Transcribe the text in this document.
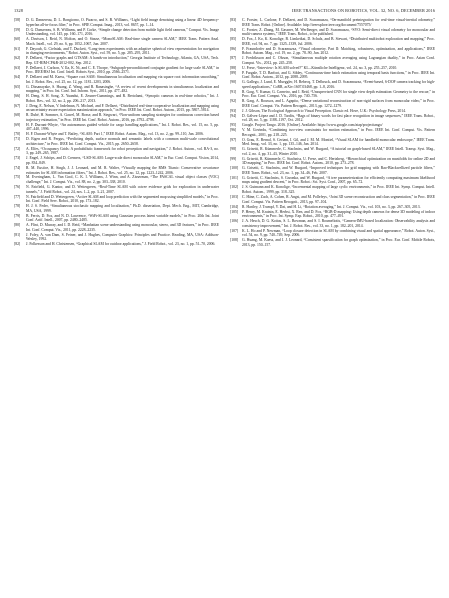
1328	IEEE TRANSACTIONS ON ROBOTICS, VOL. 32, NO. 6, DECEMBER 2016
[58]	D. G. Dansereau, D. L. Bongiorno, O. Pizarro, and S. B. Williams, “Light field image denoising using a linear 4D frequency-hyperfan all-in-focus filter,” in Proc. SPIE Comput. Imag., 2013, vol. 8657, pp. 1–14.
[59]	D. G. Dansereau, S. B. Williams, and P. Corke, “Simple change detection from mobile light field cameras,” Comput. Vis. Image Understanding, vol. 145, pp. 160–171, 2016.
[60]	A. Davison, I. Reid, N. Molton, and O. Stasse, “MonoSLAM: Real-time single camera SLAM,” IEEE Trans. Pattern Anal. Mach. Intell., vol. 29, no. 6, pp. 1052–1067, Jun. 2007.
[61]	F. Dayoub, G. Cielniak, and T. Duckett, “Long-term experiments with an adaptive spherical view representation for navigation in changing environments,” Robot. Auton. Syst., vol. 59, no. 5, pp. 285–295, 2011.
[62]	F. Dellaert, “Factor graphs and GTSAM: A hands-on introduction,” Georgia Institute of Technology, Atlanta, GA, USA, Tech. Rep. GT-RIM-CP&R-2012-002, Sep. 2012.
[63]	F. Dellaert, J. Carlson, V. Ila, K. Ni, and C. E. Thorpe, “Subgraph-preconditioned conjugate gradient for large scale SLAM,” in Proc. IEEE/RSJ Int. Conf. Intell. Robots Syst., 2010, pp. 2566–2571.
[64]	F. Dellaert and M. Kaess, “Square root SAM: Simultaneous localization and mapping via square root information smoothing,” Int. J. Robot. Res., vol. 25, no. 12, pp. 1181–1203, 2006.
[65]	G. Dissanayake, S. Huang, Z. Wang, and R. Ranasinghe, “A review of recent developments in simultaneous localization and mapping,” in Proc. Int. Conf. Ind. Inform. Syst., 2011, pp. 477–482.
[66]	H. Deng, S. H. Song, X. Yuandui, E. Zeuner-Cummings, and R. Bertolami, “Synoptic cameras in real-time robotics,” Int. J. Robot. Res., vol. 32, no. 2, pp. 206–217, 2013.
[67]	J. Deng, E. Nelson, V. Indelman, N. Michael, and F. Dellaert, “Distributed real-time cooperative localization and mapping using an uncertainty-aware expectation maximization approach,” in Proc. IEEE Int. Conf. Robot. Autom., 2015, pp. 5807–5814.
[68]	R. Dubé, H. Sommer, A. Gawel, M. Bosse, and R. Siegwart, “Non-uniform sampling strategies for continuous correction based trajectory estimation,” in Proc. IEEE Int. Conf. Robot. Autom., 2016, pp. 4792–4798.
[69]	H. F. Durrant-Whyte, “An autonomous guided vehicle for cargo handling applications,” Int. J. Robot. Res., vol. 15, no. 5, pp. 407–440, 1996.
[70]	H. F. Durrant-Whyte and T. Bailey, “SLAM: Part 1,” IEEE Robot. Autom. Mag., vol. 13, no. 2, pp. 99–110, Jun. 2006.
[71]	D. Eigen and R. Fergus, “Predicting depth, surface normals and semantic labels with a common multi-scale convolutional architecture,” in Proc. IEEE Int. Conf. Comput. Vis., 2015, pp. 2650–2658.
[72]	A. Elfes, “Occupancy Grids: A probabilistic framework for robot perception and navigation,” J. Robot. Autom., vol. RA-3, no. 3, pp. 249–265, 1987.
[73]	J. Engel, J. Schöps, and D. Cremers, “LSD-SLAM: Large-scale direct monocular SLAM,” in Eur. Conf. Comput. Vision, 2014, pp. 834–849.
[74]	R. M. Eustice, H. Singh, J. J. Leonard, and M. R. Walter, “Visually mapping the RMS Titanic: Conservative covariance estimates for SLAM information filters,” Int. J. Robot. Res., vol. 25, no. 12, pp. 1223–1242, 2006.
[75]	M. Everingham, L. Van Gool, C. K. I. Williams, J. Winn, and A. Zisserman, “The PASCAL visual object classes (VOC) challenge,” Int. J. Comput. Vis., vol. 88, no. 2, pp. 303–338, 2010.
[76]	N. Fairfield, G. Kantor, and D. Wettergreen, “Real-Time SLAM with octree evidence grids for exploration in underwater tunnels,” J. Field Robot., vol. 24, nos. 1–2, pp. 3–21, 2007.
[77]	N. Fairfield and D. Wettergreen, “Active SLAM and loop prediction with the segmented map using simplified models,” in Proc. Int. Conf. Field Serv. Robot., 2010, pp. 173–182.
[78]	H. J. S. Feder, “Simultaneous stochastic mapping and localization,” Ph.D. dissertation, Dept. Mech. Eng., MIT, Cambridge, MA, USA, 1999.
[79]	B. Ferris, D. Fox, and N. D. Lawrence, “WiFi-SLAM using Gaussian process latent variable models,” in Proc. 20th Int. Joint Conf. Artif. Intell., 2007, pp. 2480–2485.
[80]	A. Flint, D. Murray, and I. D. Reid, “Manhattan scene understanding using monocular, stereo, and 3D features,” in Proc. IEEE Int. Conf. Comput. Vis., 2011, pp. 2228–2235.
[81]	J. Foley, A. van Dam, S. Feiner, and J. Hughes, Computer Graphics: Principles and Practice. Reading, MA, USA: Addison-Wesley, 1992.
[82]	J. Folkesson and H. Christensen, “Graphical SLAM for outdoor applications,” J. Field Robot., vol. 23, no. 1, pp. 51–70, 2006.
[83]	C. Forster, L. Carlone, F. Dellaert, and D. Scaramuzza, “On-manifold preintegration for real-time visual-inertial odometry,” IEEE Trans. Robot. [Online]. Available: http://ieeexplore.ieee.org/document/7557075/
[84]	C. Forster, Z. Zhang, M. Gassner, M. Werlberger, and D. Scaramuzza, “SVO: Semi-direct visual odometry for monocular and multi-camera systems,” IEEE Trans. Robot., to be published.
[85]	D. Fox, J. Ko, K. Konolige, B. Limketkai, D. Schulz, and B. Stewart, “Distributed multirobot exploration and mapping,” Proc. IEEE, vol. 94, no. 7, pp. 1325–1339, Jul. 2006.
[86]	F. Fraundorfer and D. Scaramuzza, “Visual odometry. Part II: Matching, robustness, optimization, and applications,” IEEE Robot. Autom. Mag., vol. 19, no. 2, pp. 78–90, Jun. 2012.
[87]	J. Fredriksson and C. Olsson, “Simultaneous multiple rotation averaging using Lagrangian duality,” in Proc. Asian Conf. Comput. Vis., 2012, pp. 245–258.
[88]	U. Frese, “Interview: Is SLAM solved?” KI—Künstliche Intelligenz, vol. 24, no. 3, pp. 255–257, 2010.
[89]	P. Furgale, T. D. Barfoot, and G. Sibley, “Continuous-time batch estimation using temporal basis functions,” in Proc. IEEE Int. Conf. Robot. Autom., 2012, pp. 2088–2095.
[90]	G. Gallego, J. Lund, E. Mueggler, H. Rebecq, T. Delbruck, and D. Scaramuzza, “Event-based, 6-DOF camera tracking for high-speed applications,” CoRR, arXiv:1607.03468, pp. 1–8, 2016.
[91]	R. Garg, V. Kumar, G. Carneiro, and I. Reid, “Unsupervised CNN for single view depth estimation: Geometry to the rescue,” in Proc. Eur. Conf. Comput. Vis., 2016, pp. 740–756.
[92]	R. Garg, A. Roussos, and L. Agapito, “Dense variational reconstruction of non-rigid surfaces from monocular video,” in Proc. IEEE Conf. Comput. Vis. Pattern Recognit., 2013, pp. 1272–1279.
[93]	J. J. Gibson, The Ecological Approach to Visual Perception. Classic ed. Hove, U.K.: Psychology Press, 2014.
[94]	D. Gálvez-López and J. D. Tardós, “Bags of binary words for fast place recognition in image sequences,” IEEE Trans. Robot., vol. 28, no. 5, pp. 1188–1197, Oct. 2012.
[95]	Google. Project Tango. 2016. [Online]. Available: https://www.google.com/atap/projecttango/
[96]	V. M. Govindu, “Combining two-view constraints for motion estimation,” in Proc. IEEE Int. Conf. Comput. Vis. Pattern Recognit., 2001, pp. 218–225.
[97]	O. Grau, E. Bernal, S. Ceriani, I. Gil, and J. M. M. Montiel, “Visual SLAM for handheld monocular endoscope,” IEEE Trans. Med. Imag., vol. 33, no. 1, pp. 135–146, Jan. 2014.
[98]	G. Grisetti, R. Kümmerle, C. Stachniss, and W. Burgard, “A tutorial on graph-based SLAM,” IEEE Intell. Transp. Syst. Mag., vol. 2, no. 4, pp. 31–43, Winter 2010.
[99]	G. Grisetti, R. Kümmerle, C. Stachniss, U. Frese, and C. Hertzberg, “Hierarchical optimization on manifolds for online 2D and 3D mapping,” in Proc. IEEE Int. Conf. Robot. Autom., 2010, pp. 273–278.
[100]	G. Grisetti, C. Stachniss, and W. Burgard, “Improved techniques for grid mapping with Rao-Blackwellized particle filters,” IEEE Trans. Robot., vol. 23, no. 1, pp. 34–46, Feb. 2007.
[101]	G. Grisetti, C. Stachniss, S. Grzonka, and W. Burgard, “A tree parameterization for efficiently computing maximum likelihood maps using gradient descent,” in Proc. Robot.: Sci. Syst. Conf., 2007, pp. 65–72.
[102]	J. S. Gutmann and K. Konolige, “Incremental mapping of large cyclic environments,” in Proc. IEEE Int. Symp. Comput. Intell. Robot. Autom., 1999, pp. 318–325.
[103]	C. Häne, C. Zach, A. Cohen, R. Angst, and M. Pollefeys, “Joint 3D scene reconstruction and class segmentation,” in Proc. IEEE Conf. Comput. Vis. Pattern Recognit., 2013, pp. 97–104.
[104]	R. Hartley, J. Trumpf, Y. Dai, and H. Li, “Rotation averaging,” Int. J. Comput. Vis., vol. 103, no. 3, pp. 267–305, 2013.
[105]	P. Henry, M. Krainin, E. Herbst, X. Ren, and D. Fox, “RGB-D mapping: Using depth cameras for dense 3D modeling of indoor environments,” in Proc. Int. Symp. Exp. Robot., 2010, pp. 477–491.
[106]	J. A. Hesch, D. G. Kottas, S. L. Bowman, and S. I. Roumeliotis, “Camera-IMU-based localization: Observability analysis and consistency improvement,” Int. J. Robot. Res., vol. 33, no. 1, pp. 182–201, 2014.
[107]	K. L. Ho and P. Newman, “Loop closure detection in SLAM by combining visual and spatial appearance,” Robot. Auton. Syst., vol. 54, no. 9, pp. 740–749, Sep. 2006.
[108]	G. Huang, M. Kaess, and J. J. Leonard, “Consistent sparsification for graph optimization,” in Proc. Eur. Conf. Mobile Robots, 2013, pp. 150–157.
